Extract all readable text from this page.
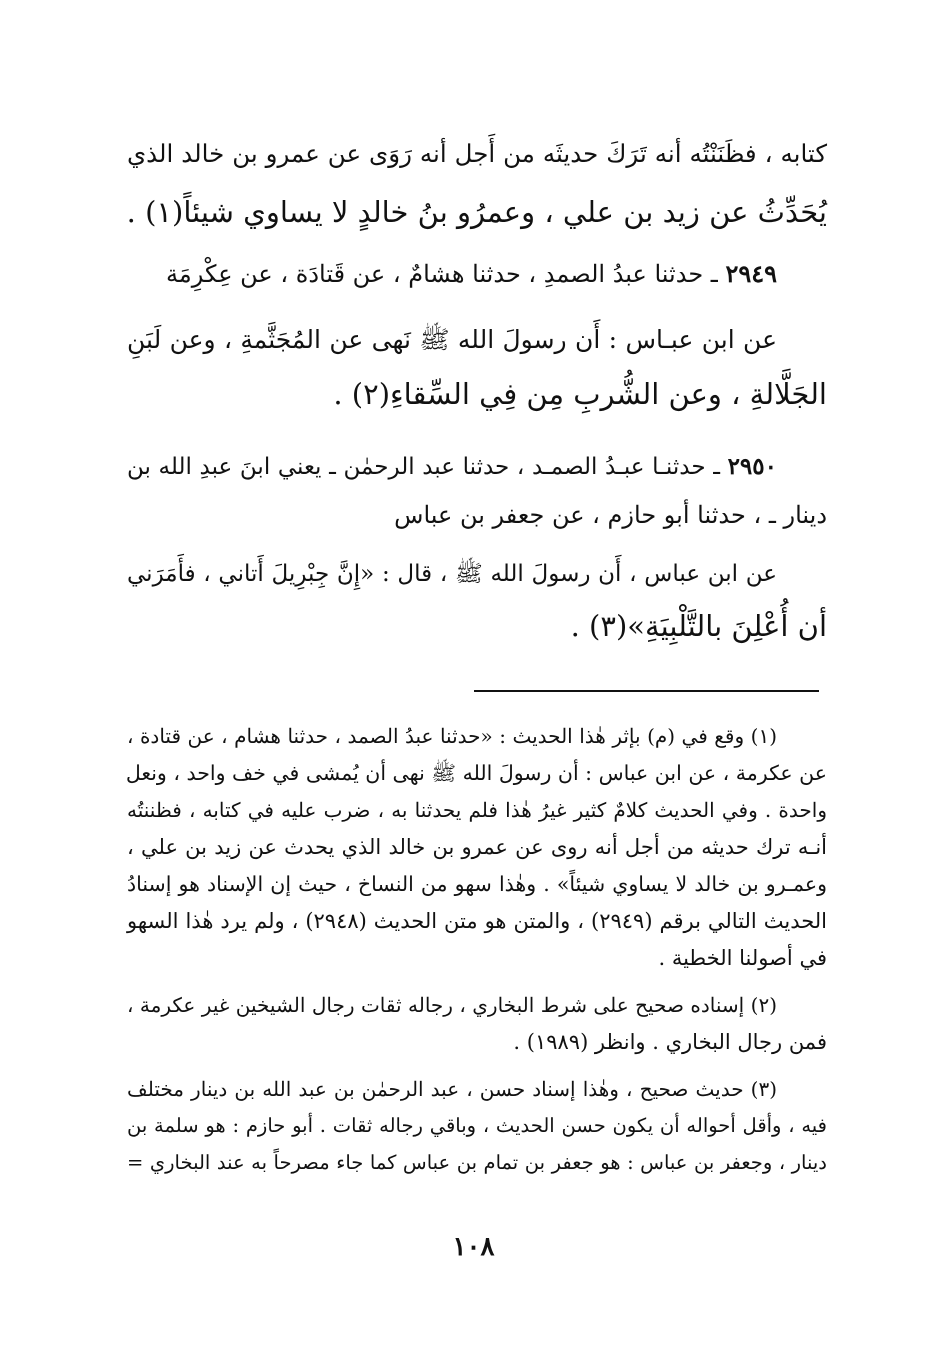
كتابه ، فظَنَنْتُه أنه تَرَكَ حديثَه من أَجل أنه رَوَى عن عمرو بن خالد الذي
يُحَدِّثُ عن زيد بن علي ، وعمرُو بنُ خالدٍ لا يساوي شيئاً(١) .
٢٩٤٩ ـ حدثنا عبدُ الصمدِ ، حدثنا هشامٌ ، عن قَتادَة ، عن عِكْرِمَة
عن ابن عبـاس : أَن رسولَ الله ﷺ نَهى عن المُجَثَّمةِ ، وعن لَبَنِ
الجَلَّالةِ ، وعن الشُّربِ مِن فِي السِّقاءِ(٢) .
٢٩٥٠ ـ حدثنـا عبـدُ الصمـد ، حدثنا عبد الرحمٰن ـ يعني ابنَ عبدِ الله بن
دينار ـ ، حدثنا أبو حازم ، عن جعفر بن عباس
عن ابن عباس ، أَن رسولَ الله ﷺ ، قال : «إِنَّ جِبْرِيلَ أَتاني ، فأَمَرَني
أن أُعْلِنَ بالتَّلْبِيَةِ»(٣) .
(١) وقع في (م) بإثر هٰذا الحديث : «حدثنا عبدُ الصمد ، حدثنا هشام ، عن قتادة ،
عن عكرمة ، عن ابن عباس : أن رسولَ الله ﷺ نهى أن يُمشى في خف واحد ، ونعل
واحدة . وفي الحديث كلامٌ كثير غيرُ هٰذا فلم يحدثنا به ، ضرب عليه في كتابه ، فظننتُه
أنـه ترك حديثه من أجل أنه روى عن عمرو بن خالد الذي يحدث عن زيد بن علي ،
وعمـرو بن خالد لا يساوي شيئاً» . وهٰذا سهو من النساخ ، حيث إن الإسناد هو إسنادُ
الحديث التالي برقم (٢٩٤٩) ، والمتن هو متن الحديث (٢٩٤٨) ، ولم يرد هٰذا السهو
في أصولنا الخطية .
(٢) إسناده صحيح على شرط البخاري ، رجاله ثقات رجال الشيخين غير عكرمة ،
فمن رجال البخاري . وانظر (١٩٨٩) .
(٣) حديث صحيح ، وهٰذا إسناد حسن ، عبد الرحمٰن بن عبد الله بن دينار مختلف
فيه ، وأقل أحواله أن يكون حسن الحديث ، وباقي رجاله ثقات . أبو حازم : هو سلمة بن
دينار ، وجعفر بن عباس : هو جعفر بن تمام بن عباس كما جاء مصرحاً به عند البخاري =
١٠٨
